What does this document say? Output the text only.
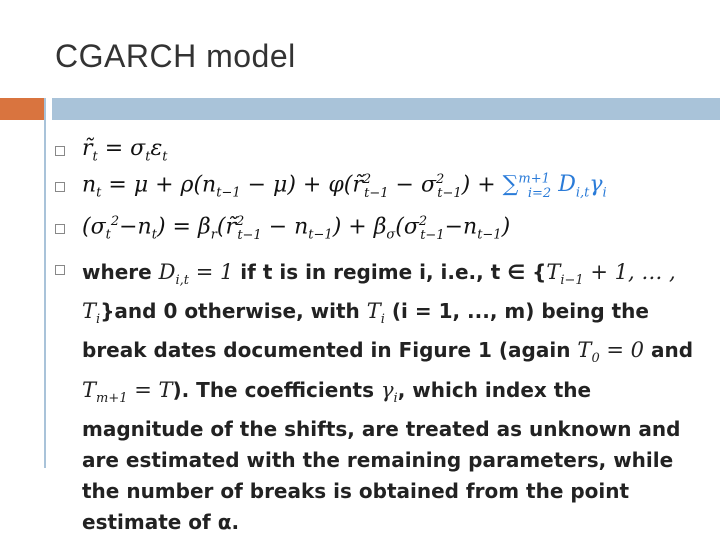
CGARCH model
$r̃_t = \sigma_t\varepsilon_t$
$n_t = \mu + \rho(n_{t-1} - \mu)$ + φ(r̃$^2_{t-1}$ − $\sigma^2_{t-1}) + \sum^{m+1}_{i=2}$ $D_{i,t}\gamma_i$
$(\sigma_t^2-n_t)$ = $\beta_r(r̃^2_{t-1} - n_{t-1}) + \beta_\sigma(\sigma^2_{t-1}-n_{t-1})$
where $D_{i,t} = 1$ if t is in regime i, i.e., t ∈ {$T_{i-1} + 1$, … , $T_i\}and$ 0 otherwise, with $T_i$ (i = 1, ..., m) being the break dates documented in Figure 1 (again $T_0 = 0$ and $T_{m+1} = T$). The coefficients $\gamma_i$, which index the magnitude of the shifts, are treated as unknown and are estimated with the remaining parameters, while the number of breaks is obtained from the point estimate of α.
